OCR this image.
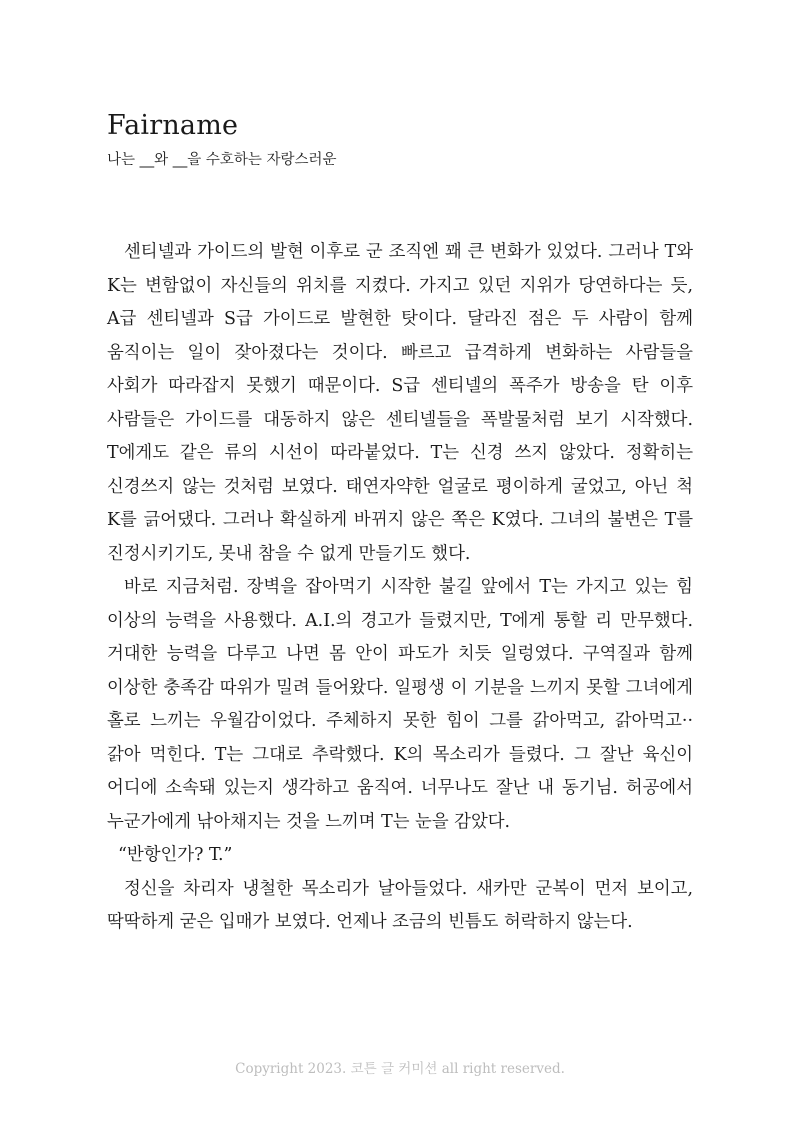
Fairname
나는 __와 __을 수호하는 자랑스러운

센티넬과 가이드의 발현 이후로 군 조직엔 꽤 큰 변화가 있었다. 그러나 T와 K는 변함없이 자신들의 위치를 지켰다. 가지고 있던 지위가 당연하다는 듯, A급 센티넬과 S급 가이드로 발현한 탓이다. 달라진 점은 두 사람이 함께 움직이는 일이 잦아졌다는 것이다. 빠르고 급격하게 변화하는 사람들을 사회가 따라잡지 못했기 때문이다. S급 센티넬의 폭주가 방송을 탄 이후 사람들은 가이드를 대동하지 않은 센티넬들을 폭발물처럼 보기 시작했다. T에게도 같은 류의 시선이 따라붙었다. T는 신경 쓰지 않았다. 정확히는 신경쓰지 않는 것처럼 보였다. 태연자약한 얼굴로 평이하게 굴었고, 아닌 척 K를 긁어댔다. 그러나 확실하게 바뀌지 않은 쪽은 K였다. 그녀의 불변은 T를 진정시키기도, 못내 참을 수 없게 만들기도 했다.

바로 지금처럼. 장벽을 잡아먹기 시작한 불길 앞에서 T는 가지고 있는 힘 이상의 능력을 사용했다. A.I.의 경고가 들렸지만, T에게 통할 리 만무했다. 거대한 능력을 다루고 나면 몸 안이 파도가 치듯 일렁였다. 구역질과 함께 이상한 충족감 따위가 밀려 들어왔다. 일평생 이 기분을 느끼지 못할 그녀에게 홀로 느끼는 우월감이었다. 주체하지 못한 힘이 그를 갉아먹고, 갉아먹고·· 갉아 먹힌다. T는 그대로 추락했다. K의 목소리가 들렸다. 그 잘난 육신이 어디에 소속돼 있는지 생각하고 움직여. 너무나도 잘난 내 동기님. 허공에서 누군가에게 낚아채지는 것을 느끼며 T는 눈을 감았다.

“반항인가? T.”

정신을 차리자 냉철한 목소리가 날아들었다. 새카만 군복이 먼저 보이고, 딱딱하게 굳은 입매가 보였다. 언제나 조금의 빈틈도 허락하지 않는다.

Copyright 2023. 코튼 글 커미션 all right reserved.
